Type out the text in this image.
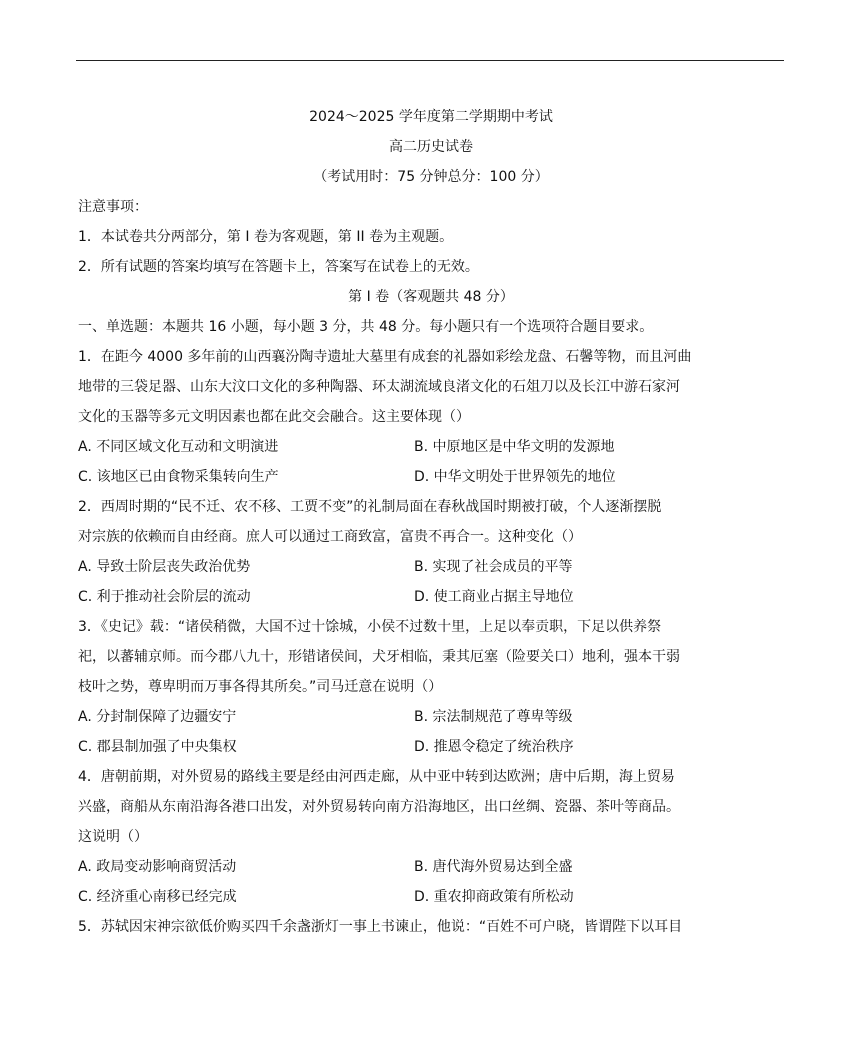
2024～2025 学年度第二学期期中考试
高二历史试卷
（考试用时：75 分钟总分：100 分）
注意事项：
1．本试卷共分两部分，第 I 卷为客观题，第 II 卷为主观题。
2．所有试题的答案均填写在答题卡上，答案写在试卷上的无效。
第 I 卷（客观题共 48 分）
一、单选题：本题共 16 小题，每小题 3 分，共 48 分。每小题只有一个选项符合题目要求。
1．在距今 4000 多年前的山西襄汾陶寺遗址大墓里有成套的礼器如彩绘龙盘、石馨等物，而且河曲
地带的三袋足器、山东大汶口文化的多种陶器、环太湖流域良渚文化的石俎刀以及长江中游石家河
文化的玉器等多元文明因素也都在此交会融合。这主要体现（）
A. 不同区域文化互动和文明演进	B. 中原地区是中华文明的发源地
C. 该地区已由食物采集转向生产	D. 中华文明处于世界领先的地位
2．西周时期的“民不迁、农不移、工贾不变”的礼制局面在春秋战国时期被打破，个人逐渐摆脱
对宗族的依赖而自由经商。庶人可以通过工商致富，富贵不再合一。这种变化（）
A. 导致士阶层丧失政治优势	B. 实现了社会成员的平等
C. 利于推动社会阶层的流动	D. 使工商业占据主导地位
3．《史记》载：“诸侯稍微，大国不过十馀城，小侯不过数十里，上足以奉贡职，下足以供养祭
祀，以蕃辅京师。而今郡八九十，形错诸侯间，犬牙相临，秉其厄塞（险要关口）地利，强本干弱
枝叶之势，尊卑明而万事各得其所矣。”司马迁意在说明（）
A. 分封制保障了边疆安宁	B. 宗法制规范了尊卑等级
C. 郡县制加强了中央集权	D. 推恩令稳定了统治秩序
4．唐朝前期，对外贸易的路线主要是经由河西走廊，从中亚中转到达欧洲；唐中后期，海上贸易
兴盛，商船从东南沿海各港口出发，对外贸易转向南方沿海地区，出口丝绸、瓷器、茶叶等商品。
这说明（）
A. 政局变动影响商贸活动	B. 唐代海外贸易达到全盛
C. 经济重心南移已经完成	D. 重农抑商政策有所松动
5．苏轼因宋神宗欲低价购买四千余盏浙灯一事上书谏止，他说：“百姓不可户晓，皆谓陛下以耳目
